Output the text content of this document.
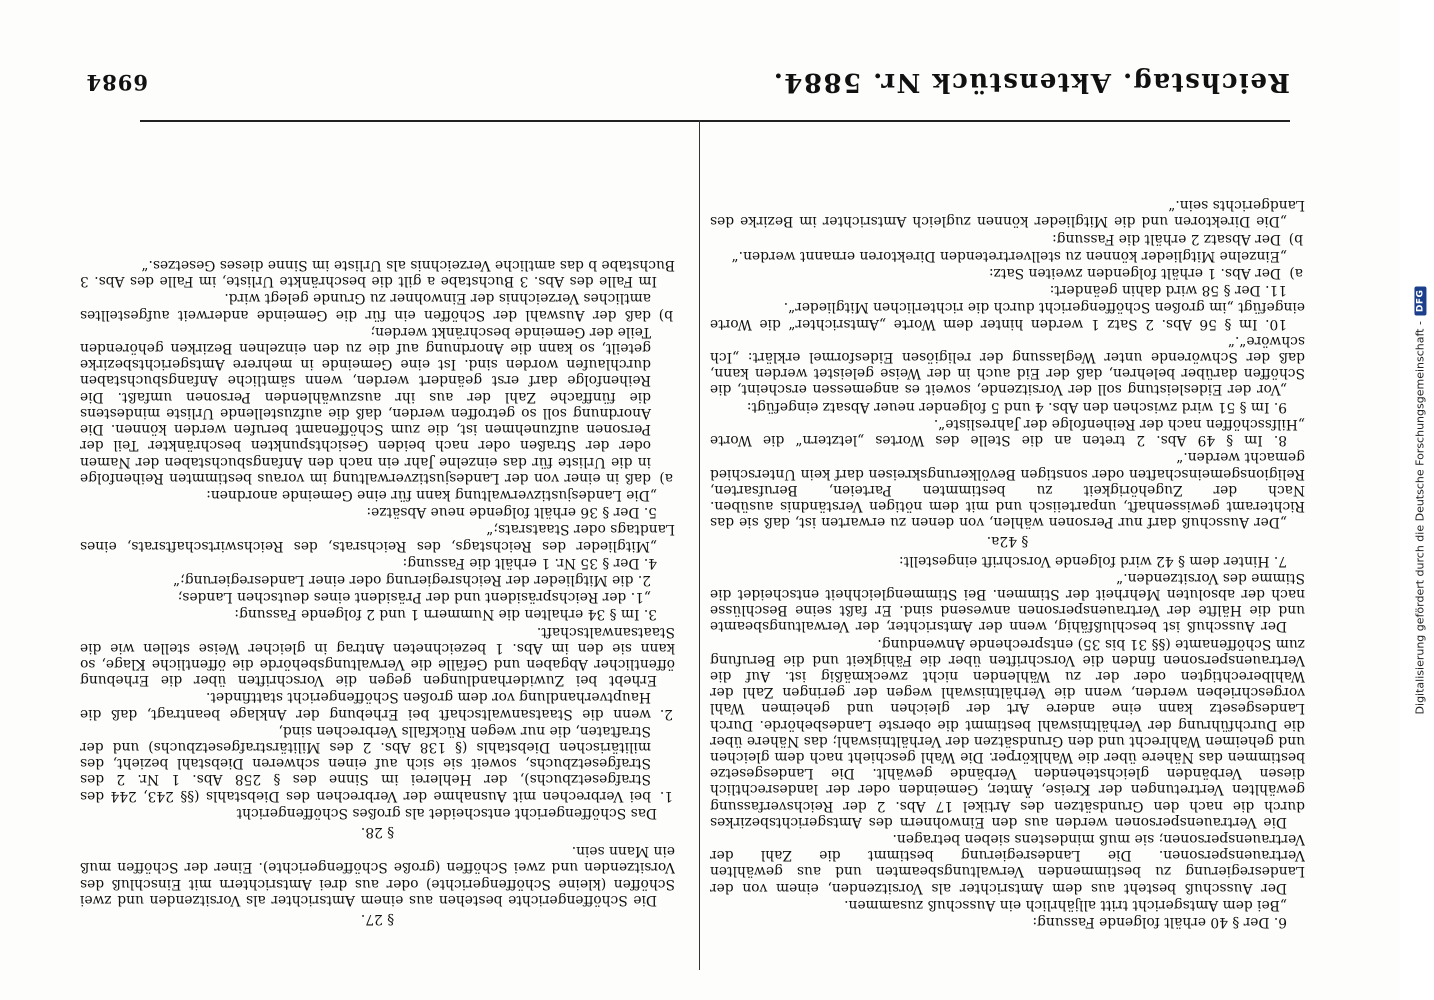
6984	Reichstag. Aktenstück Nr. 5884.

§ 27.

Die Schöffengerichte bestehen aus einem Amtsrichter als Vorsitzenden und zwei Schöffen (kleine Schöffengerichte) oder aus drei Amtsrichtern mit Einschluß des Vorsitzenden und zwei Schöffen (große Schöffengerichte). Einer der Schöffen muß ein Mann sein.

§ 28.

Das Schöffengericht entscheidet als großes Schöffengericht

1.
bei Verbrechen mit Ausnahme der Verbrechen des Diebstahls (§§ 243, 244 des Strafgesetzbuchs), der Hehlerei im Sinne des § 258 Abs. 1 Nr. 2 des Strafgesetzbuchs, soweit sie sich auf einen schweren Diebstahl bezieht, des militärischen Diebstahls (§ 138 Abs. 2 des Militärstrafgesetzbuchs) und der Straftaten, die nur wegen Rückfalls Verbrechen sind,

2.
wenn die Staatsanwaltschaft bei Erhebung der Anklage beantragt, daß die Hauptverhandlung vor dem großen Schöffengericht stattfindet.

Erhebt bei Zuwiderhandlungen gegen die Vorschriften über die Erhebung öffentlicher Abgaben und Gefälle die Verwaltungsbehörde die öffentliche Klage, so kann sie den im Abs. 1 bezeichneten Antrag in gleicher Weise stellen wie die Staatsanwaltschaft.

3. Im § 34 erhalten die Nummern 1 und 2 folgende Fassung:

„1. der Reichspräsident und der Präsident eines deutschen Landes;

2. die Mitglieder der Reichsregierung oder einer Landesregierung;“

4. Der § 35 Nr. 1 erhält die Fassung:

„Mitglieder des Reichstags, des Reichsrats, des Reichswirtschaftsrats, eines Landtags oder Staatsrats;“

5. Der § 36 erhält folgende neue Absätze:

„Die Landesjustizverwaltung kann für eine Gemeinde anordnen:

a)
daß in einer von der Landesjustizverwaltung im voraus bestimmten Reihenfolge in die Urliste für das einzelne Jahr ein nach den Anfangsbuchstaben der Namen oder der Straßen oder nach beiden Gesichtspunkten beschränkter Teil der Personen aufzunehmen ist, die zum Schöffenamt berufen werden können. Die Anordnung soll so getroffen werden, daß die aufzustellende Urliste mindestens die fünffache Zahl der aus ihr auszuwählenden Personen umfaßt. Die Reihenfolge darf erst geändert werden, wenn sämtliche Anfangsbuchstaben durchlaufen worden sind. Ist eine Gemeinde in mehrere Amtsgerichtsbezirke geteilt, so kann die Anordnung auf die zu den einzelnen Bezirken gehörenden Teile der Gemeinde beschränkt werden;

b)
daß der Auswahl der Schöffen ein für die Gemeinde anderweit aufgestelltes amtliches Verzeichnis der Einwohner zu Grunde gelegt wird.

Im Falle des Abs. 3 Buchstabe a gilt die beschränkte Urliste, im Falle des Abs. 3 Buchstabe b das amtliche Verzeichnis als Urliste im Sinne dieses Gesetzes.“

6. Der § 40 erhält folgende Fassung:

„Bei dem Amtsgericht tritt alljährlich ein Ausschuß zusammen.

Der Ausschuß besteht aus dem Amtsrichter als Vorsitzenden, einem von der Landesregierung zu bestimmenden Verwaltungsbeamten und aus gewählten Vertrauenspersonen. Die Landesregierung bestimmt die Zahl der Vertrauenspersonen; sie muß mindestens sieben betragen.

Die Vertrauenspersonen werden aus den Einwohnern des Amtsgerichtsbezirkes durch die nach den Grundsätzen des Artikel 17 Abs. 2 der Reichsverfassung gewählten Vertretungen der Kreise, Ämter, Gemeinden oder der landesrechtlich diesen Verbänden gleichstehenden Verbände gewählt. Die Landesgesetze bestimmen das Nähere über die Wahlkörper. Die Wahl geschieht nach dem gleichen und geheimen Wahlrecht und den Grundsätzen der Verhältniswahl; das Nähere über die Durchführung der Verhältniswahl bestimmt die oberste Landesbehörde. Durch Landesgesetz kann eine andere Art der gleichen und geheimen Wahl vorgeschrieben werden, wenn die Verhältniswahl wegen der geringen Zahl der Wahlberechtigten oder der zu Wählenden nicht zweckmäßig ist. Auf die Vertrauenspersonen finden die Vorschriften über die Fähigkeit und die Berufung zum Schöffenamte (§§ 31 bis 35) entsprechende Anwendung.

Der Ausschuß ist beschlußfähig, wenn der Amtsrichter, der Verwaltungsbeamte und die Hälfte der Vertrauenspersonen anwesend sind. Er faßt seine Beschlüsse nach der absoluten Mehrheit der Stimmen. Bei Stimmengleichheit entscheidet die Stimme des Vorsitzenden.“

7. Hinter dem § 42 wird folgende Vorschrift eingestellt:

§ 42a.

„Der Ausschuß darf nur Personen wählen, von denen zu erwarten ist, daß sie das Richteramt gewissenhaft, unparteiisch und mit dem nötigen Verständnis ausüben. Nach der Zugehörigkeit zu bestimmten Parteien, Berufsarten, Religionsgemeinschaften oder sonstigen Bevölkerungskreisen darf kein Unterschied gemacht werden.“

8. Im § 49 Abs. 2 treten an die Stelle des Wortes „letztern“ die Worte „Hilfsschöffen nach der Reihenfolge der Jahresliste“.

9. Im § 51 wird zwischen den Abs. 4 und 5 folgender neuer Absatz eingefügt:

„Vor der Eidesleistung soll der Vorsitzende, soweit es angemessen erscheint, die Schöffen darüber belehren, daß der Eid auch in der Weise geleistet werden kann, daß der Schwörende unter Weglassung der religiösen Eidesformel erklärt: „Ich schwöre“.“

10. Im § 56 Abs. 2 Satz 1 werden hinter dem Worte „Amtsrichter“ die Worte eingefügt „im großen Schöffengericht durch die richterlichen Mitglieder“.

11. Der § 58 wird dahin geändert:

a)
Der Abs. 1 erhält folgenden zweiten Satz:

„Einzelne Mitglieder können zu stellvertretenden Direktoren ernannt werden.“

b)
Der Absatz 2 erhält die Fassung:

„Die Direktoren und die Mitglieder können zugleich Amtsrichter im Bezirke des Landgerichts sein.“

Digitalisierung gefördert durch die Deutsche Forschungsgemeinschaft -
DFG
